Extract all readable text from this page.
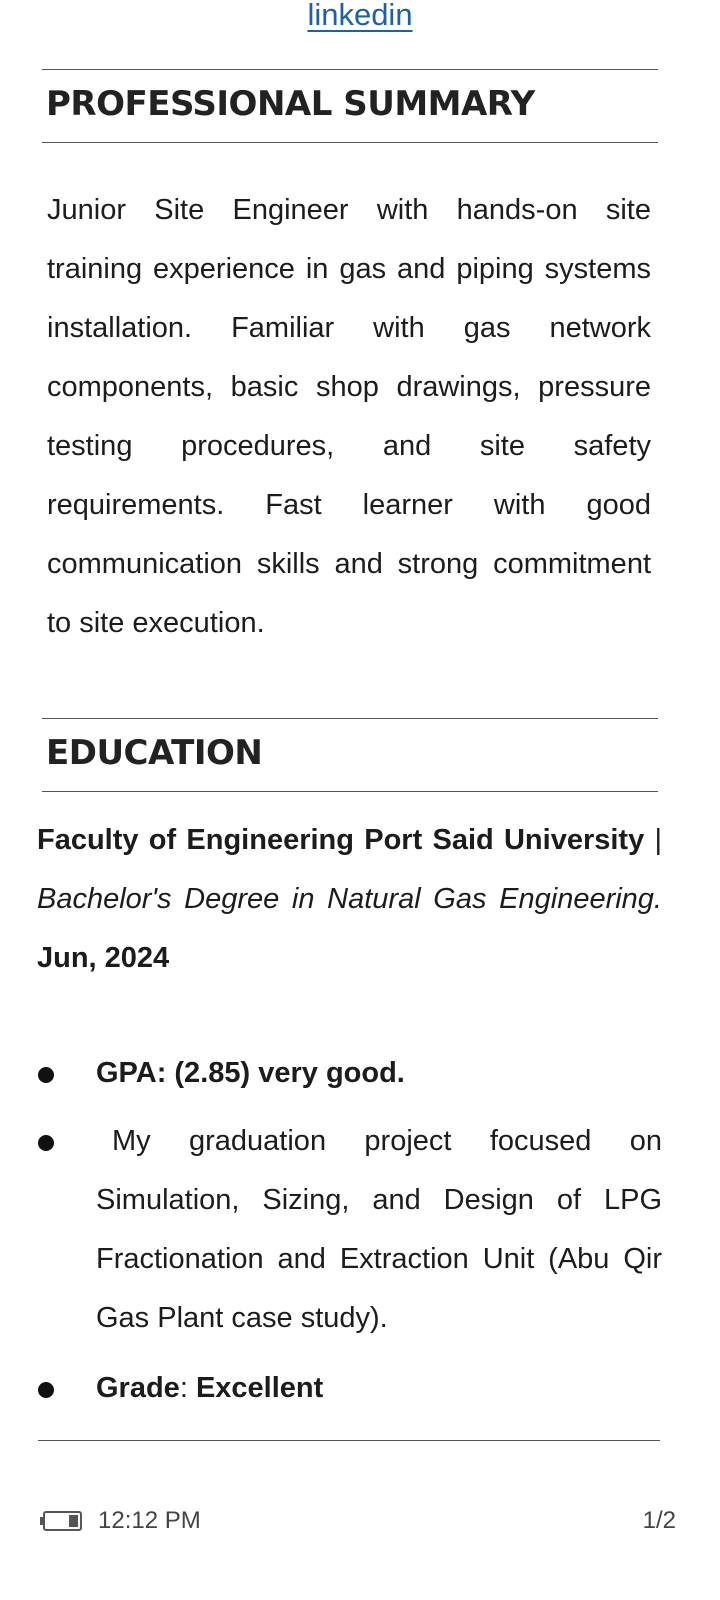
linkedin
PROFESSIONAL SUMMARY

Junior Site Engineer with hands-on site training experience in gas and piping systems installation. Familiar with gas network components, basic shop drawings, pressure testing procedures, and site safety requirements. Fast learner with good communication skills and strong commitment to site execution.

EDUCATION

Faculty of Engineering Port Said University | Bachelor's Degree in Natural Gas Engineering. Jun, 2024

GPA: (2.85) very good.

My graduation project focused on Simulation, Sizing, and Design of LPG Fractionation and Extraction Unit (Abu Qir Gas Plant case study).

Grade: Excellent

12:12 PM	1/2
